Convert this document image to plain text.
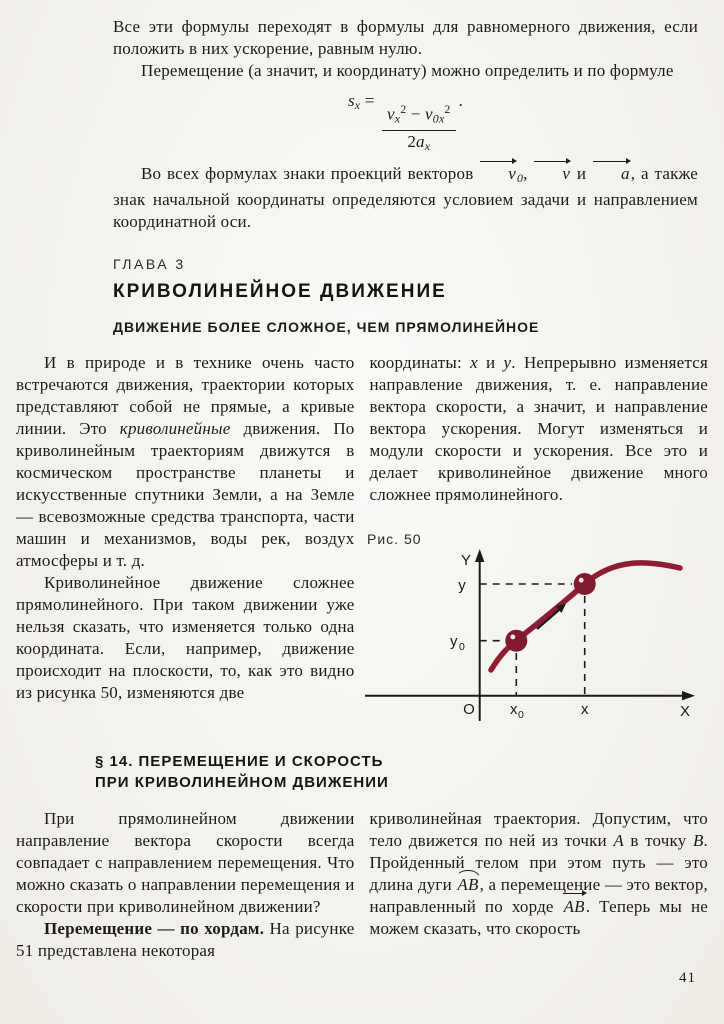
Все эти формулы переходят в формулы для равномерного движения, если положить в них ускорение, равным нулю.

Перемещение (а значит, и координату) можно определить и по формуле

sx = $\frac{vx^2 - v0x^2}{2ax}$ .

Во всех формулах знаки проекций векторов v0, v и a, а также знак начальной координаты определяются условием задачи и направлением координатной оси.

ГЛАВА 3

КРИВОЛИНЕЙНОЕ ДВИЖЕНИЕ

ДВИЖЕНИЕ БОЛЕЕ СЛОЖНОЕ, ЧЕМ ПРЯМОЛИНЕЙНОЕ

И в природе и в технике очень часто встречаются движения, траектории которых представляют собой не прямые, а кривые линии. Это криволинейные движения. По криволинейным траекториям движутся в космическом пространстве планеты и искусственные спутники Земли, а на Земле — всевозможные средства транспорта, части машин и механизмов, воды рек, воздух атмосферы и т. д.

Криволинейное движение сложнее прямолинейного. При таком движении уже нельзя сказать, что изменяется только одна координата. Если, например, движение происходит на плоскости, то, как это видно из рисунка 50, изменяются две

координаты: x и y. Непрерывно изменяется направление движения, т. е. направление вектора скорости, а значит, и направление вектора ускорения. Могут изменяться и модули скорости и ускорения. Все это и делает криволинейное движение много сложнее прямолинейного.

Рис. 50
Y
y
y 0
O x 0	x	X
§ 14. ПЕРЕМЕЩЕНИЕ И СКОРОСТЬ
ПРИ КРИВОЛИНЕЙНОМ ДВИЖЕНИИ

При прямолинейном движении направление вектора скорости всегда совпадает с направлением перемещения. Что можно сказать о направлении перемещения и скорости при криволинейном движении?

Перемещение — по хордам. На рисунке 51 представлена некоторая

криволинейная траектория. Допустим, что тело движется по ней из точки A в точку B. Пройденный телом при этом путь — это длина дуги AB, а перемещение — это вектор, направленный по хорде AB. Теперь мы не можем сказать, что скорость

41
